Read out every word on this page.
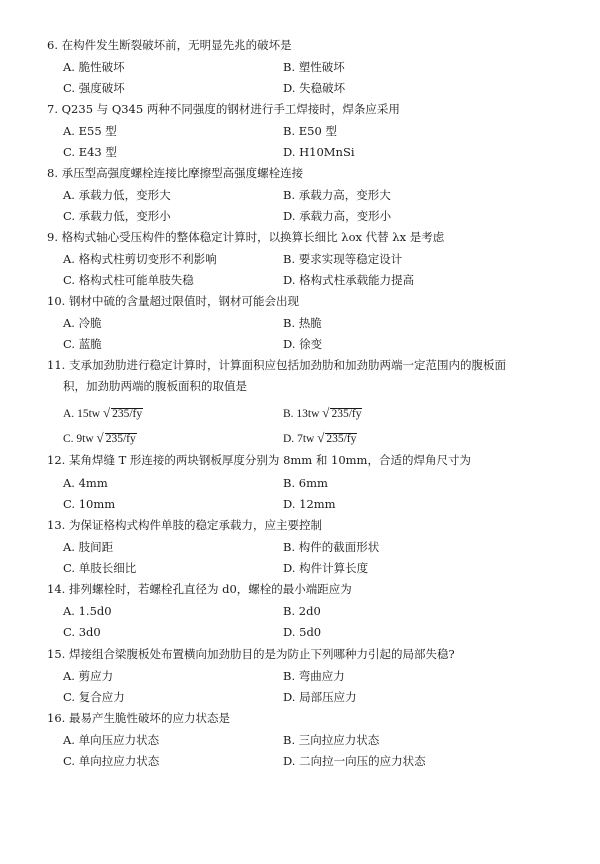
6. 在构件发生断裂破坏前，无明显先兆的破坏是
A. 脆性破坏	B. 塑性破坏
C. 强度破坏	D. 失稳破坏
7. Q235 与 Q345 两种不同强度的钢材进行手工焊接时，焊条应采用
A. E55 型	B. E50 型
C. E43 型	D. H10MnSi
8. 承压型高强度螺栓连接比摩擦型高强度螺栓连接
A. 承载力低，变形大	B. 承载力高，变形大
C. 承载力低，变形小	D. 承载力高，变形小
9. 格构式轴心受压构件的整体稳定计算时，以换算长细比 λox 代替 λx 是考虑
A. 格构式柱剪切变形不利影响	B. 要求实现等稳定设计
C. 格构式柱可能单肢失稳	D. 格构式柱承载能力提高
10. 钢材中硫的含量超过限值时，钢材可能会出现
A. 冷脆	B. 热脆
C. 蓝脆	D. 徐变
11. 支承加劲肋进行稳定计算时，计算面积应包括加劲肋和加劲肋两端一定范围内的腹板面
积，加劲肋两端的腹板面积的取值是
A. 15tw √ 235/fy	B. 13tw √ 235/fy
C. 9tw √ 235/fy	D. 7tw √ 235/fy
12. 某角焊缝 T 形连接的两块钢板厚度分别为 8mm 和 10mm，合适的焊角尺寸为
A. 4mm	B. 6mm
C. 10mm	D. 12mm
13. 为保证格构式构件单肢的稳定承载力，应主要控制
A. 肢间距	B. 构件的截面形状
C. 单肢长细比	D. 构件计算长度
14. 排列螺栓时，若螺栓孔直径为 d0，螺栓的最小端距应为
A. 1.5d0	B. 2d0
C. 3d0	D. 5d0
15. 焊接组合梁腹板处布置横向加劲肋目的是为防止下列哪种力引起的局部失稳?
A. 剪应力	B. 弯曲应力
C. 复合应力	D. 局部压应力
16. 最易产生脆性破坏的应力状态是
A. 单向压应力状态	B. 三向拉应力状态
C. 单向拉应力状态	D. 二向拉一向压的应力状态
